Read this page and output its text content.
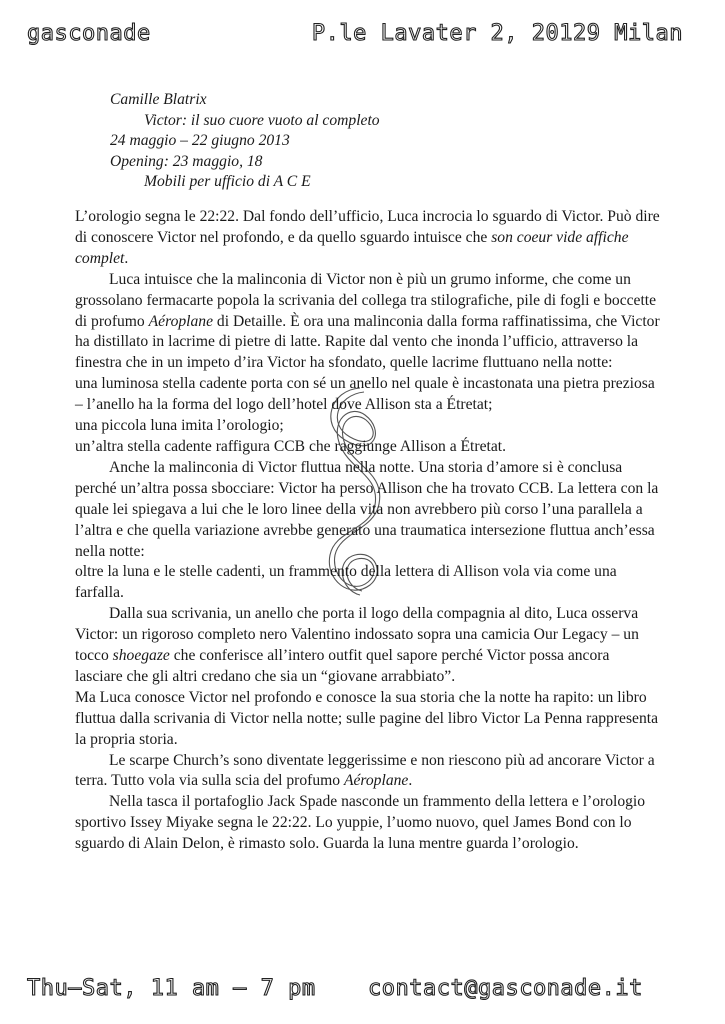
gasconade	P.le Lavater 2, 20129 Milan
Camille Blatrix
Victor: il suo cuore vuoto al completo
24 maggio – 22 giugno 2013
Opening: 23 maggio, 18
Mobili per ufficio di A C E

L’orologio segna le 22:22. Dal fondo dell’ufficio, Luca incrocia lo sguardo di Victor. Può dire di conoscere Victor nel profondo, e da quello sguardo intuisce che son coeur vide affiche complet.

Luca intuisce che la malinconia di Victor non è più un grumo informe, che come un grossolano fermacarte popola la scrivania del collega tra stilografiche, pile di fogli e boccette di profumo Aéroplane di Detaille. È ora una malinconia dalla forma raffinatissima, che Victor ha distillato in lacrime di pietre di latte. Rapite dal vento che inonda l’ufficio, attraverso la finestra che in un impeto d’ira Victor ha sfondato, quelle lacrime fluttuano nella notte:

una luminosa stella cadente porta con sé un anello nel quale è incastonata una pietra preziosa – l’anello ha la forma del logo dell’hotel dove Allison sta a Étretat;

una piccola luna imita l’orologio;

un’altra stella cadente raffigura CCB che raggiunge Allison a Étretat.

Anche la malinconia di Victor fluttua nella notte. Una storia d’amore si è conclusa perché un’altra possa sbocciare: Victor ha perso Allison che ha trovato CCB. La lettera con la quale lei spiegava a lui che le loro linee della vita non avrebbero più corso l’una parallela a l’altra e che quella variazione avrebbe generato una traumatica intersezione fluttua anch’essa nella notte:

oltre la luna e le stelle cadenti, un frammento della lettera di Allison vola via come una farfalla.

Dalla sua scrivania, un anello che porta il logo della compagnia al dito, Luca osserva Victor: un rigoroso completo nero Valentino indossato sopra una camicia Our Legacy – un tocco shoegaze che conferisce all’intero outfit quel sapore perché Victor possa ancora lasciare che gli altri credano che sia un “giovane arrabbiato”.

Ma Luca conosce Victor nel profondo e conosce la sua storia che la notte ha rapito: un libro fluttua dalla scrivania di Victor nella notte; sulle pagine del libro Victor La Penna rappresenta la propria storia.

Le scarpe Church’s sono diventate leggerissime e non riescono più ad ancorare Victor a terra. Tutto vola via sulla scia del profumo Aéroplane.

Nella tasca il portafoglio Jack Spade nasconde un frammento della lettera e l’orologio sportivo Issey Miyake segna le 22:22. Lo yuppie, l’uomo nuovo, quel James Bond con lo sguardo di Alain Delon, è rimasto solo. Guarda la luna mentre guarda l’orologio.

Thu–Sat, 11 am – 7 pm contact@gasconade.it
